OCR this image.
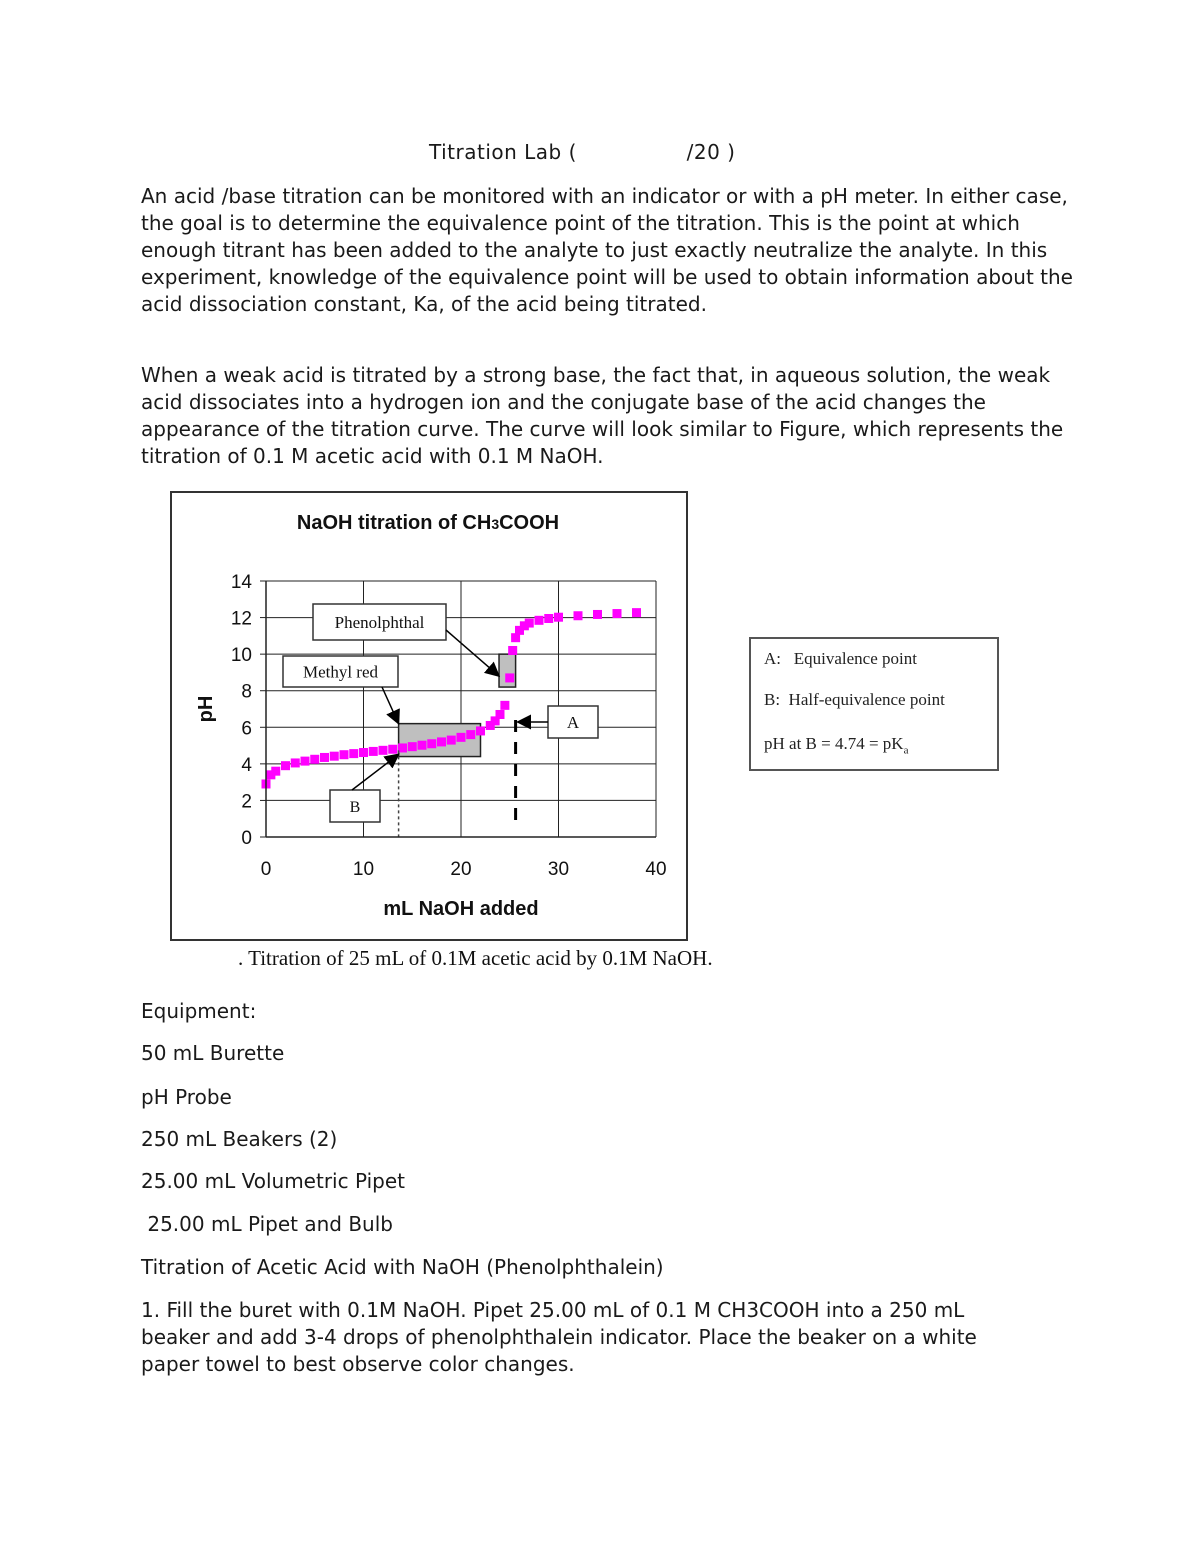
Titration Lab (                /20 )

An acid /base titration can be monitored with an indicator or with a pH meter. In either case, the goal is to determine the equivalence point of the titration. This is the point at which enough titrant has been added to the analyte to just exactly neutralize the analyte. In this experiment, knowledge of the equivalence point will be used to obtain information about the acid dissociation constant, Ka, of the acid being titrated.

When a weak acid is titrated by a strong base, the fact that, in aqueous solution, the weak acid dissociates into a hydrogen ion and the conjugate base of the acid changes the appearance of the titration curve. The curve will look similar to Figure, which represents the titration of 0.1 M acetic acid with 0.1 M NaOH.

NaOH titration of CH3COOH
0
2
4
6
8
10
12
14
0	10	20	30	40
Phenolphthal
Methyl red
A
B
mL NaOH added
pH
A:   Equivalence point
B:  Half-equivalence point
pH at $B = 4.74 = pK_a$
. Titration of 25 mL of 0.1M acetic acid by 0.1M NaOH.
Equipment:
50 mL Burette
pH Probe
250 mL Beakers (2)
25.00 mL Volumetric Pipet
25.00 mL Pipet and Bulb
Titration of Acetic Acid with NaOH (Phenolphthalein)
1. Fill the buret with 0.1M NaOH. Pipet 25.00 mL of 0.1 M CH3COOH into a 250 mL
beaker and add 3-4 drops of phenolphthalein indicator. Place the beaker on a white
paper towel to best observe color changes.
